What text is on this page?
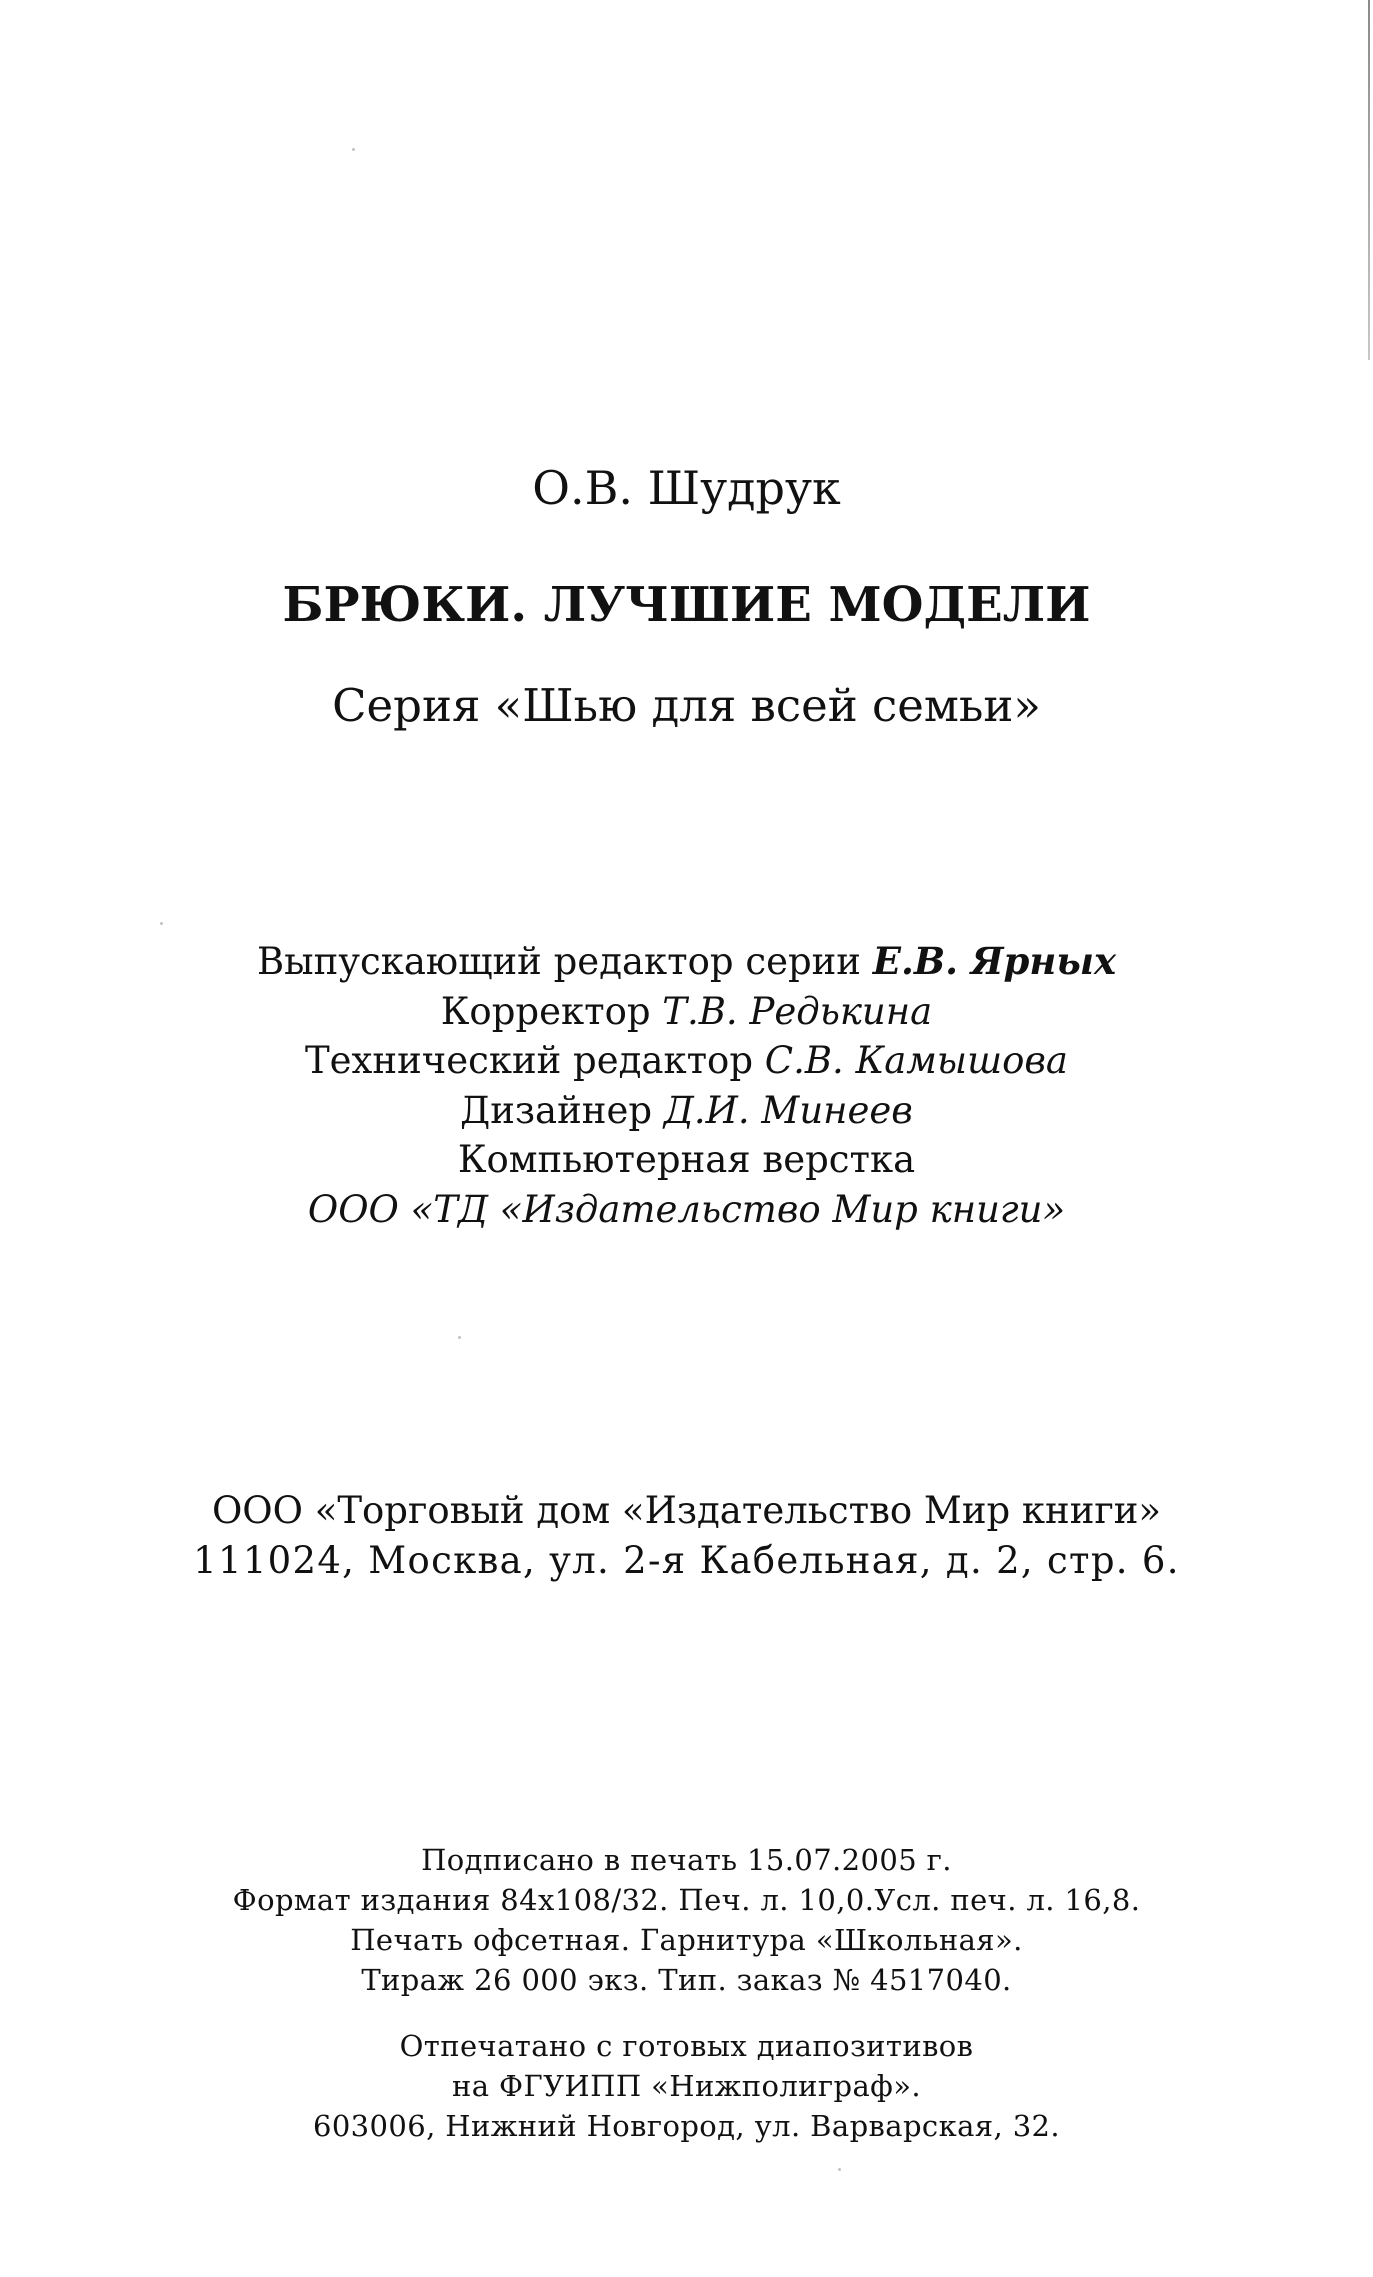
О.В. Шудрук
БРЮКИ. ЛУЧШИЕ МОДЕЛИ
Серия «Шью для всей семьи»
Выпускающий редактор серии Е.В. Ярных
Корректор Т.В. Редькина
Технический редактор С.В. Камышова
Дизайнер Д.И. Минеев
Компьютерная верстка
ООО «ТД «Издательство Мир книги»
ООО «Торговый дом «Издательство Мир книги»
111024, Москва, ул. 2-я Кабельная, д. 2, стр. 6.
Подписано в печать 15.07.2005 г.
Формат издания 84x108/32. Печ. л. 10,0.Усл. печ. л. 16,8.
Печать офсетная. Гарнитура «Школьная».
Тираж 26 000 экз. Тип. заказ № 4517040.
Отпечатано с готовых диапозитивов
на ФГУИПП «Нижполиграф».
603006, Нижний Новгород, ул. Варварская, 32.
